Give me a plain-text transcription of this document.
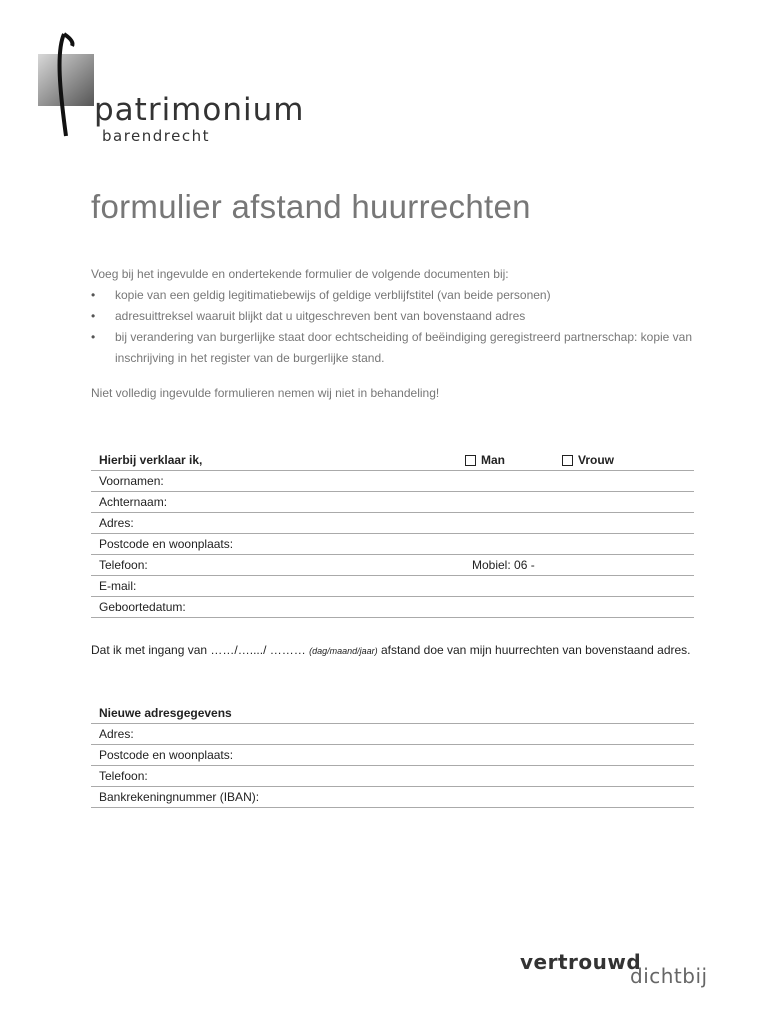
patrimonium
barendrecht
formulier afstand huurrechten
Voeg bij het ingevulde en ondertekende formulier de volgende documenten bij:
• kopie van een geldig legitimatiebewijs of geldige verblijfstitel (van beide personen)
• adresuittreksel waaruit blijkt dat u uitgeschreven bent van bovenstaand adres
• bij verandering van burgerlijke staat door echtscheiding of beëindiging geregistreerd partnerschap: kopie van inschrijving in het register van de burgerlijke stand.
Niet volledig ingevulde formulieren nemen wij niet in behandeling!
Hierbij verklaar ik,	Man	Vrouw
Voornamen:
Achternaam:
Adres:
Postcode en woonplaats:
Telefoon:	Mobiel: 06 -
E-mail:
Geboortedatum:
Dat ik met ingang van ……/…..../ ……… (dag/maand/jaar) afstand doe van mijn huurrechten van bovenstaand adres.
Nieuwe adresgegevens
Adres:
Postcode en woonplaats:
Telefoon:
Bankrekeningnummer (IBAN):
vertrouwd
dichtbij
